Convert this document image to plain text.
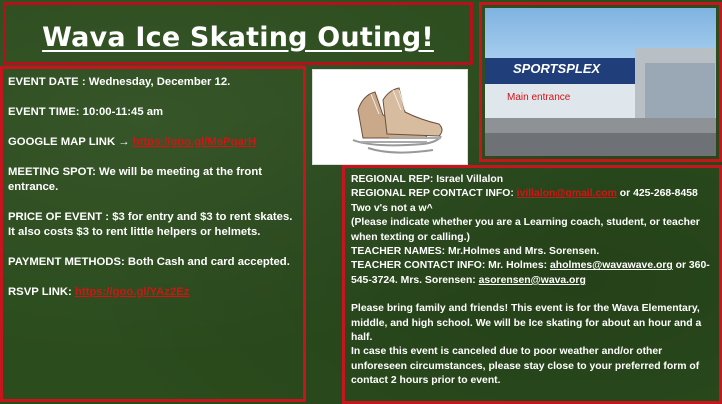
Wava Ice Skating Outing!

EVENT DATE : Wednesday, December 12.

EVENT TIME: 10:00-11:45 am

GOOGLE MAP LINK → https://goo.gl/MsPqarH

MEETING SPOT: We will be meeting at the front entrance.

PRICE OF EVENT : $3 for entry and $3 to rent skates. It also costs $3 to rent little helpers or helmets.

PAYMENT METHODS: Both Cash and card accepted.

RSVP LINK: https://goo.gl/YAz2Ez

SPORTSPLEX
Main entrance
REGIONAL REP: Israel Villalon
REGIONAL REP CONTACT INFO: ivillalon@gmail.com or 425-268-8458
Two v's not a w^
(Please indicate whether you are a Learning coach, student, or teacher when texting or calling.)
TEACHER NAMES: Mr.Holmes and Mrs. Sorensen.
TEACHER CONTACT INFO: Mr. Holmes: aholmes@wavawave.org or 360-545-3724. Mrs. Sorensen: asorensen@wava.org
Please bring family and friends! This event is for the Wava Elementary, middle, and high school. We will be Ice skating for about an hour and a half.
In case this event is canceled due to poor weather and/or other unforeseen circumstances, please stay close to your preferred form of contact 2 hours prior to event.
